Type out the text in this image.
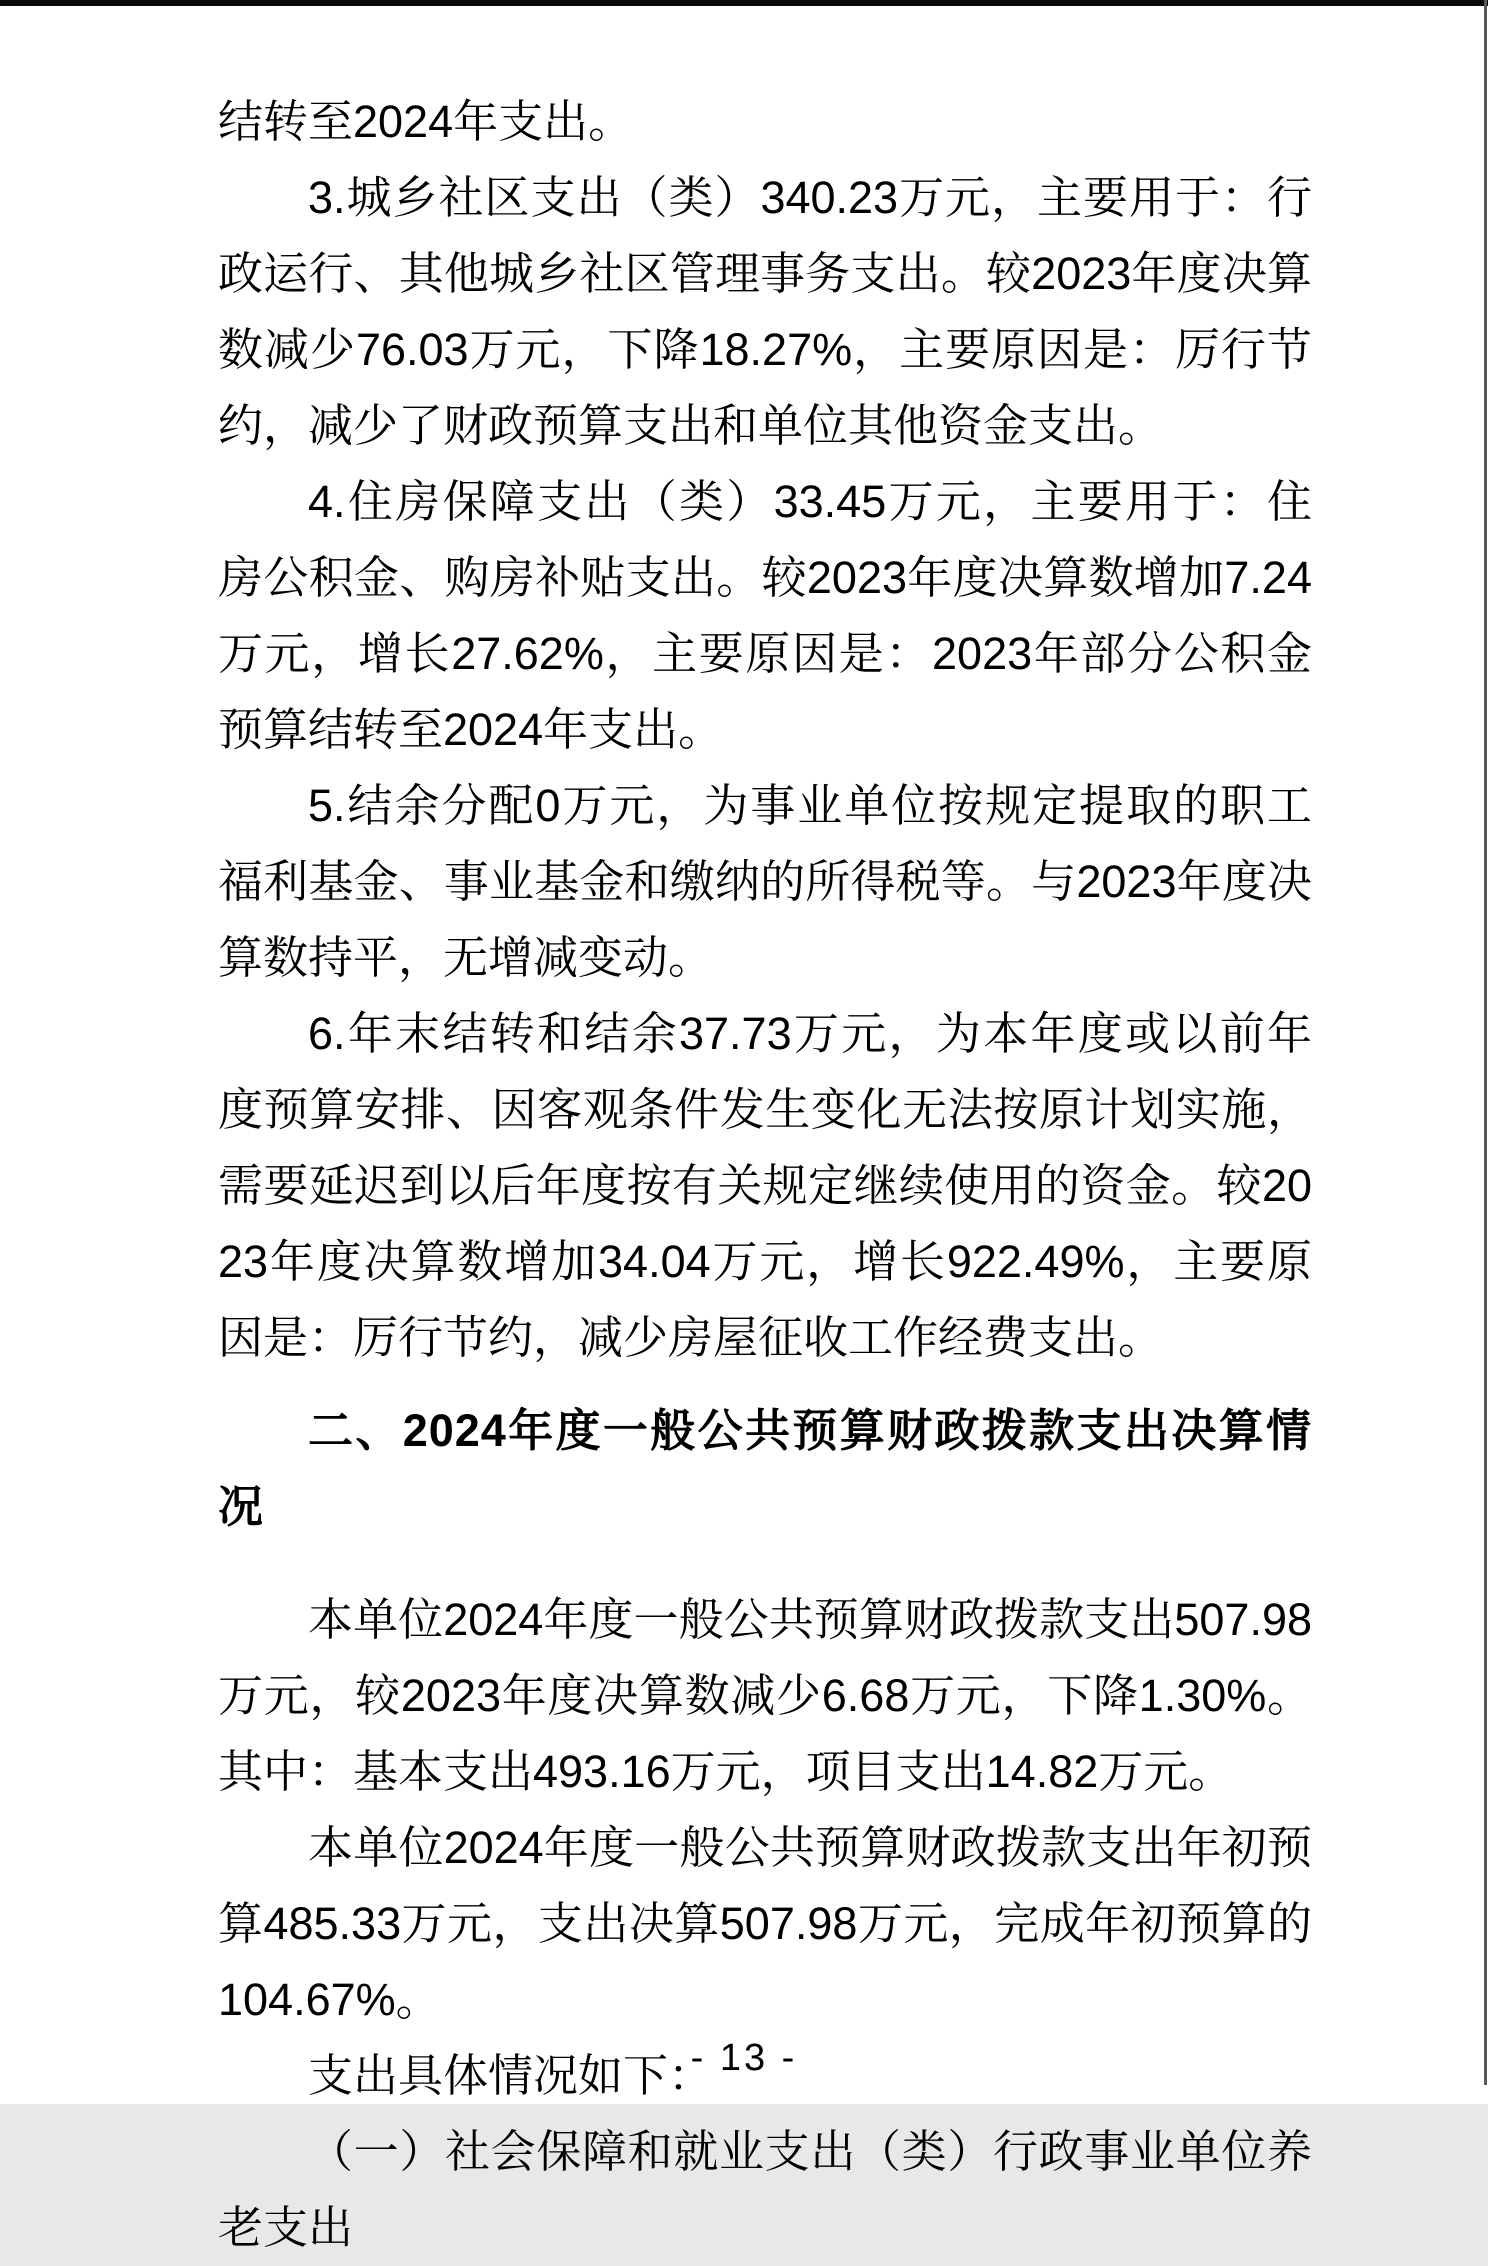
结转至2024年支出。

3.城乡社区支出（类）340.23万元，主要用于：行政运行、其他城乡社区管理事务支出。较2023年度决算数减少76.03万元，下降18.27%，主要原因是：厉行节约，减少了财政预算支出和单位其他资金支出。

4.住房保障支出（类）33.45万元，主要用于：住房公积金、购房补贴支出。较2023年度决算数增加7.24万元，增长27.62%，主要原因是：2023年部分公积金预算结转至2024年支出。

5.结余分配0万元，为事业单位按规定提取的职工福利基金、事业基金和缴纳的所得税等。与2023年度决算数持平，无增减变动。

6.年末结转和结余37.73万元，为本年度或以前年度预算安排、因客观条件发生变化无法按原计划实施，需要延迟到以后年度按有关规定继续使用的资金。较2023年度决算数增加34.04万元，增长922.49%，主要原因是：厉行节约，减少房屋征收工作经费支出。

二、2024年度一般公共预算财政拨款支出决算情况

本单位2024年度一般公共预算财政拨款支出507.98万元，较2023年度决算数减少6.68万元，下降1.30%。其中：基本支出493.16万元，项目支出14.82万元。

本单位2024年度一般公共预算财政拨款支出年初预算485.33万元，支出决算507.98万元，完成年初预算的104.67%。

支出具体情况如下：

（一）社会保障和就业支出（类）行政事业单位养老支出

- 13 -
